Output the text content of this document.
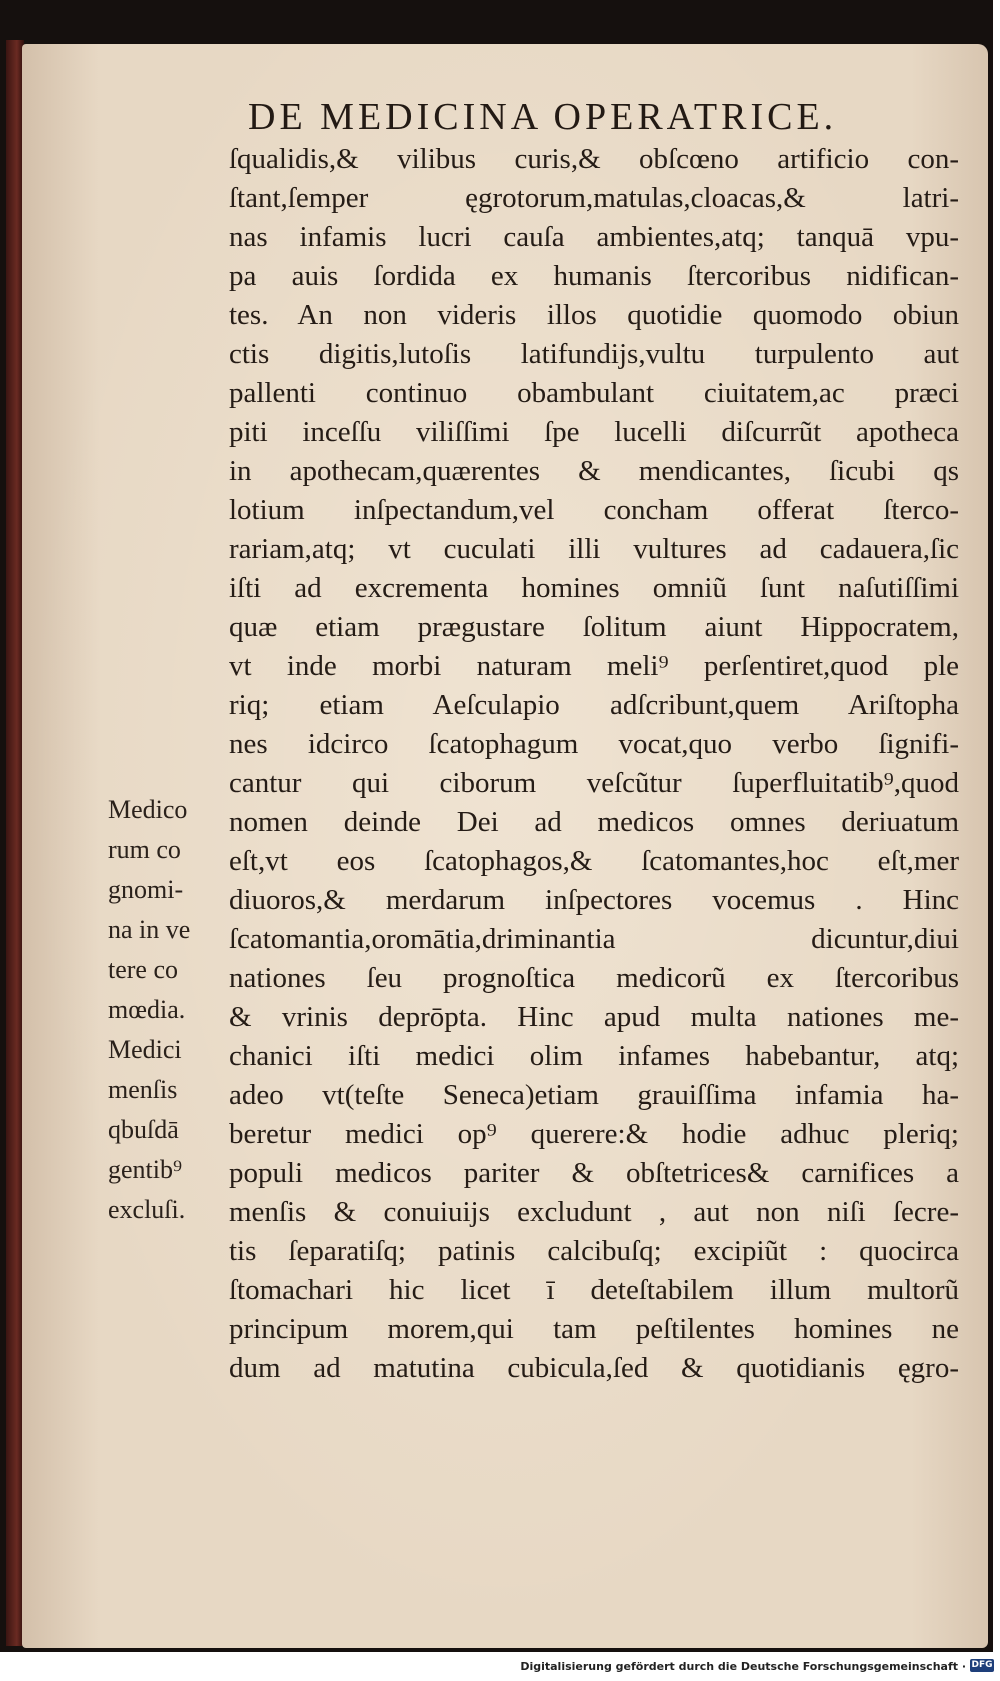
DE MEDICINA OPERATRICE.
ſqualidis,& vilibus curis,& obſcœno artificio con-
ſtant,ſemper ęgrotorum,matulas,cloacas,& latri-
nas infamis lucri cauſa ambientes,atq; tanquā vpu-
pa auis ſordida ex humanis ſtercoribus nidifican-
tes. An non videris illos quotidie quomodo obiun
ctis digitis,lutoſis latifundijs,vultu turpulento aut
pallenti continuo obambulant ciuitatem,ac præci
piti inceſſu viliſſimi ſpe lucelli diſcurrũt apotheca
in apothecam,quærentes & mendicantes, ſicubi qs
lotium inſpectandum,vel concham offerat ſterco-
rariam,atq; vt cuculati illi vultures ad cadauera,ſic
iſti ad excrementa homines omniũ ſunt naſutiſſimi
quæ etiam prægustare ſolitum aiunt Hippocratem,
vt inde morbi naturam meli⁹ perſentiret,quod ple
riq; etiam Aeſculapio adſcribunt,quem Ariſtopha
nes idcirco ſcatophagum vocat,quo verbo ſignifi-
cantur qui ciborum veſcũtur ſuperfluitatib⁹,quod
nomen deinde Dei ad medicos omnes deriuatum
eſt,vt eos ſcatophagos,& ſcatomantes,hoc eſt,mer
diuoros,& merdarum inſpectores vocemus . Hinc
ſcatomantia,oromātia,driminantia dicuntur,diui
nationes ſeu prognoſtica medicorũ ex ſtercoribus
& vrinis deprōpta. Hinc apud multa nationes me-
chanici iſti medici olim infames habebantur, atq;
adeo vt(teſte Seneca)etiam grauiſſima infamia ha-
beretur medici op⁹ querere:& hodie adhuc pleriq;
populi medicos pariter & obſtetrices& carnifices a
menſis & conuiuijs excludunt , aut non niſi ſecre-
tis ſeparatiſq; patinis calcibuſq; excipiũt : quocirca
ſtomachari hic licet ī deteſtabilem illum multorũ
principum morem,qui tam peſtilentes homines ne
dum ad matutina cubicula,ſed & quotidianis ęgro-
Medico
rum co
gnomi-
na in ve
tere co
mœdia.
Medici
menſis
qbuſdā
gentib⁹
excluſi.
Digitalisierung gefördert durch die Deutsche Forschungsgemeinschaft · DFG
